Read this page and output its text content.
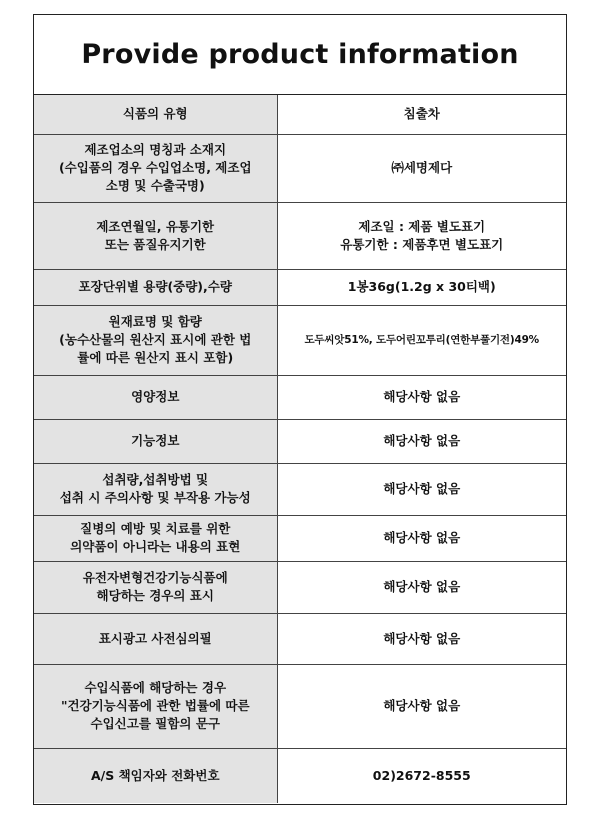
Provide product information
식품의 유형	침출차
제조업소의 명칭과 소재지
(수입품의 경우 수입업소명, 제조업
소명 및 수출국명)	㈜세명제다
제조연월일, 유통기한
또는 품질유지기한	제조일 : 제품 별도표기
유통기한 : 제품후면 별도표기
포장단위별 용량(중량),수량	1봉36g(1.2g x 30티백)
원재료명 및 함량
(농수산물의 원산지 표시에 관한 법
률에 따른 원산지 표시 포함)	도두씨앗51%, 도두어린꼬투리(연한부풀기전)49%
영양정보	해당사항 없음
기능정보	해당사항 없음
섭취량,섭취방법 및
섭취 시 주의사항 및 부작용 가능성	해당사항 없음
질병의 예방 및 치료를 위한
의약품이 아니라는 내용의 표현	해당사항 없음
유전자변형건강기능식품에
해당하는 경우의 표시	해당사항 없음
표시광고 사전심의필	해당사항 없음
수입식품에 해당하는 경우
"건강기능식품에 관한 법률에 따른
수입신고를 필함의 문구	해당사항 없음
A/S 책임자와 전화번호	02)2672-8555
